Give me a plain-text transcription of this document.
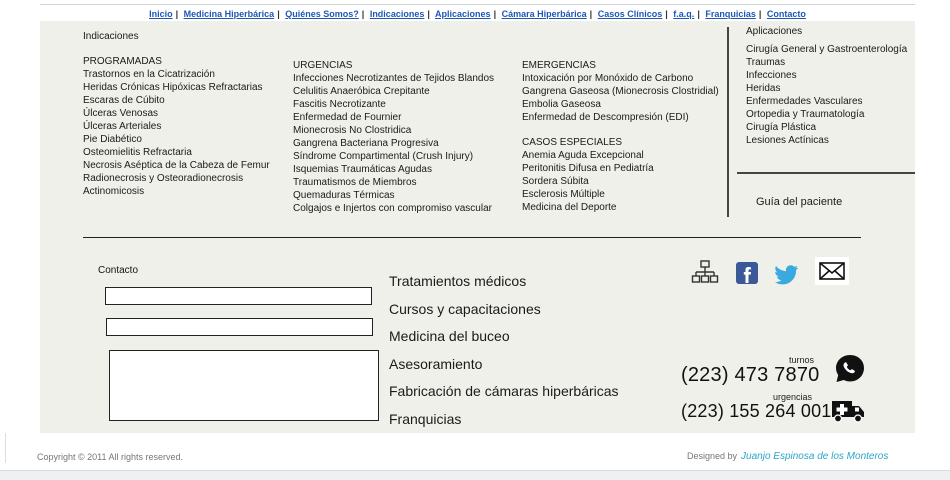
Inicio | Medicina Hiperbárica | Quiénes Somos? | Indicaciones | Aplicaciones | Cámara Hiperbárica | Casos Clínicos | f.a.q. | Franquicias | Contacto
Indicaciones
PROGRAMADAS
Trastornos en la Cicatrización
Heridas Crónicas Hipóxicas Refractarias
Escaras de Cúbito
Úlceras Venosas
Úlceras Arteriales
Pie Diabético
Osteomielitis Refractaria
Necrosis Aséptica de la Cabeza de Femur
Radionecrosis y Osteoradionecrosis
Actinomicosis
URGENCIAS
Infecciones Necrotizantes de Tejidos Blandos
Celulitis Anaeróbica Crepitante
Fascitis Necrotizante
Enfermedad de Fournier
Mionecrosis No Clostridica
Gangrena Bacteriana Progresiva
Síndrome Compartimental (Crush Injury)
Isquemias Traumáticas Agudas
Traumatismos de Miembros
Quemaduras Térmicas
Colgajos e Injertos con compromiso vascular
EMERGENCIAS
Intoxicación por Monóxido de Carbono
Gangrena Gaseosa (Mionecrosis Clostridial)
Embolia Gaseosa
Enfermedad de Descompresión (EDI)
CASOS ESPECIALES
Anemia Aguda Excepcional
Peritonitis Difusa en Pediatría
Sordera Súbita
Esclerosis Múltiple
Medicina del Deporte
Aplicaciones
Cirugía General y Gastroenterología
Traumas
Infecciones
Heridas
Enfermedades Vasculares
Ortopedia y Traumatología
Cirugía Plástica
Lesiones Actínicas
Guía del paciente
Contacto
Tratamientos médicos
Cursos y capacitaciones
Medicina del buceo
Asesoramiento
Fabricación de cámaras hiperbáricas
Franquicias
turnos
(223) 473 7870
urgencias
(223) 155 264 001
Copyright © 2011 All rights reserved.	Designed by Juanjo Espinosa de los Monteros
